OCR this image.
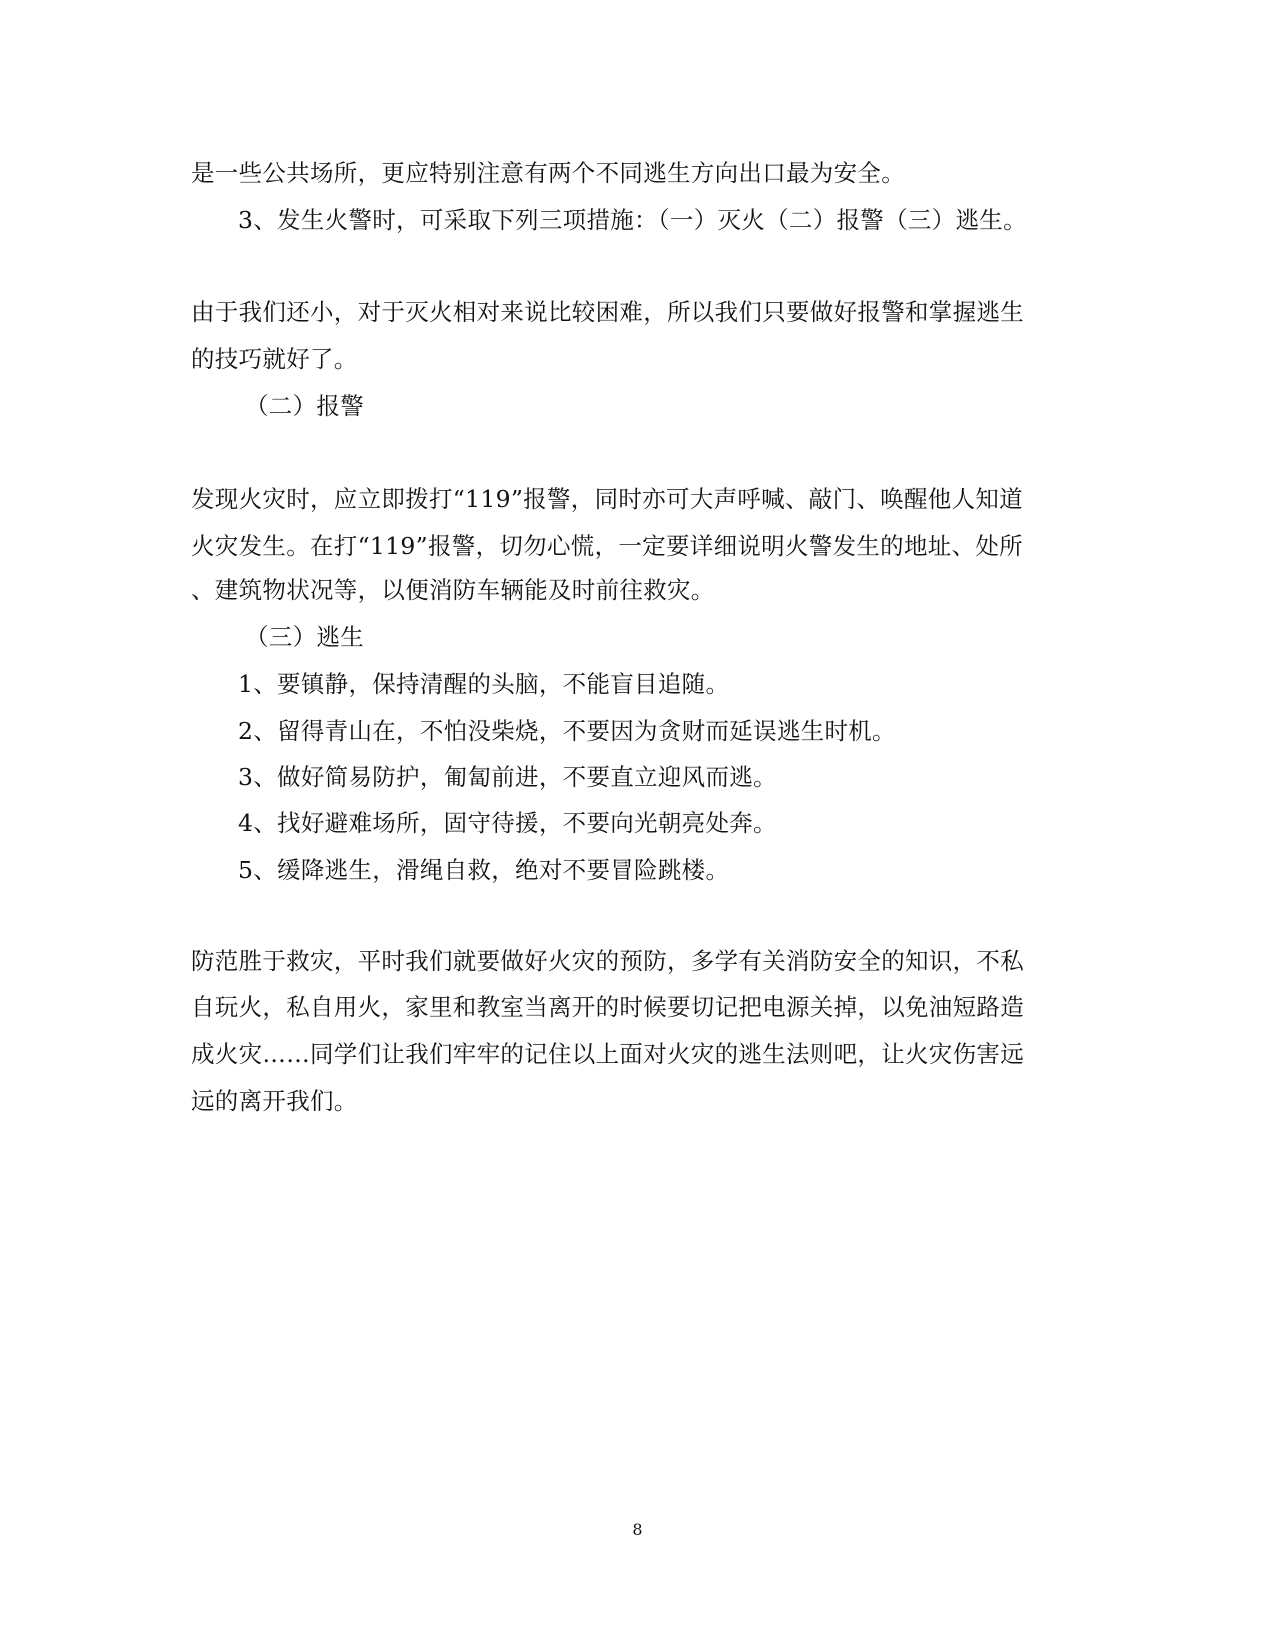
是一些公共场所，更应特别注意有两个不同逃生方向出口最为安全。
3、发生火警时，可采取下列三项措施：（一）灭火（二）报警（三）逃生。
由于我们还小，对于灭火相对来说比较困难，所以我们只要做好报警和掌握逃生
的技巧就好了。
（二）报警
发现火灾时，应立即拨打“119”报警，同时亦可大声呼喊、敲门、唤醒他人知道
火灾发生。在打“119”报警，切勿心慌，一定要详细说明火警发生的地址、处所
、建筑物状况等，以便消防车辆能及时前往救灾。
（三）逃生
1、要镇静，保持清醒的头脑，不能盲目追随。
2、留得青山在，不怕没柴烧，不要因为贪财而延误逃生时机。
3、做好简易防护，匍匐前进，不要直立迎风而逃。
4、找好避难场所，固守待援，不要向光朝亮处奔。
5、缓降逃生，滑绳自救，绝对不要冒险跳楼。
防范胜于救灾，平时我们就要做好火灾的预防，多学有关消防安全的知识，不私
自玩火，私自用火，家里和教室当离开的时候要切记把电源关掉，以免油短路造
成火灾……同学们让我们牢牢的记住以上面对火灾的逃生法则吧，让火灾伤害远
远的离开我们。
8
